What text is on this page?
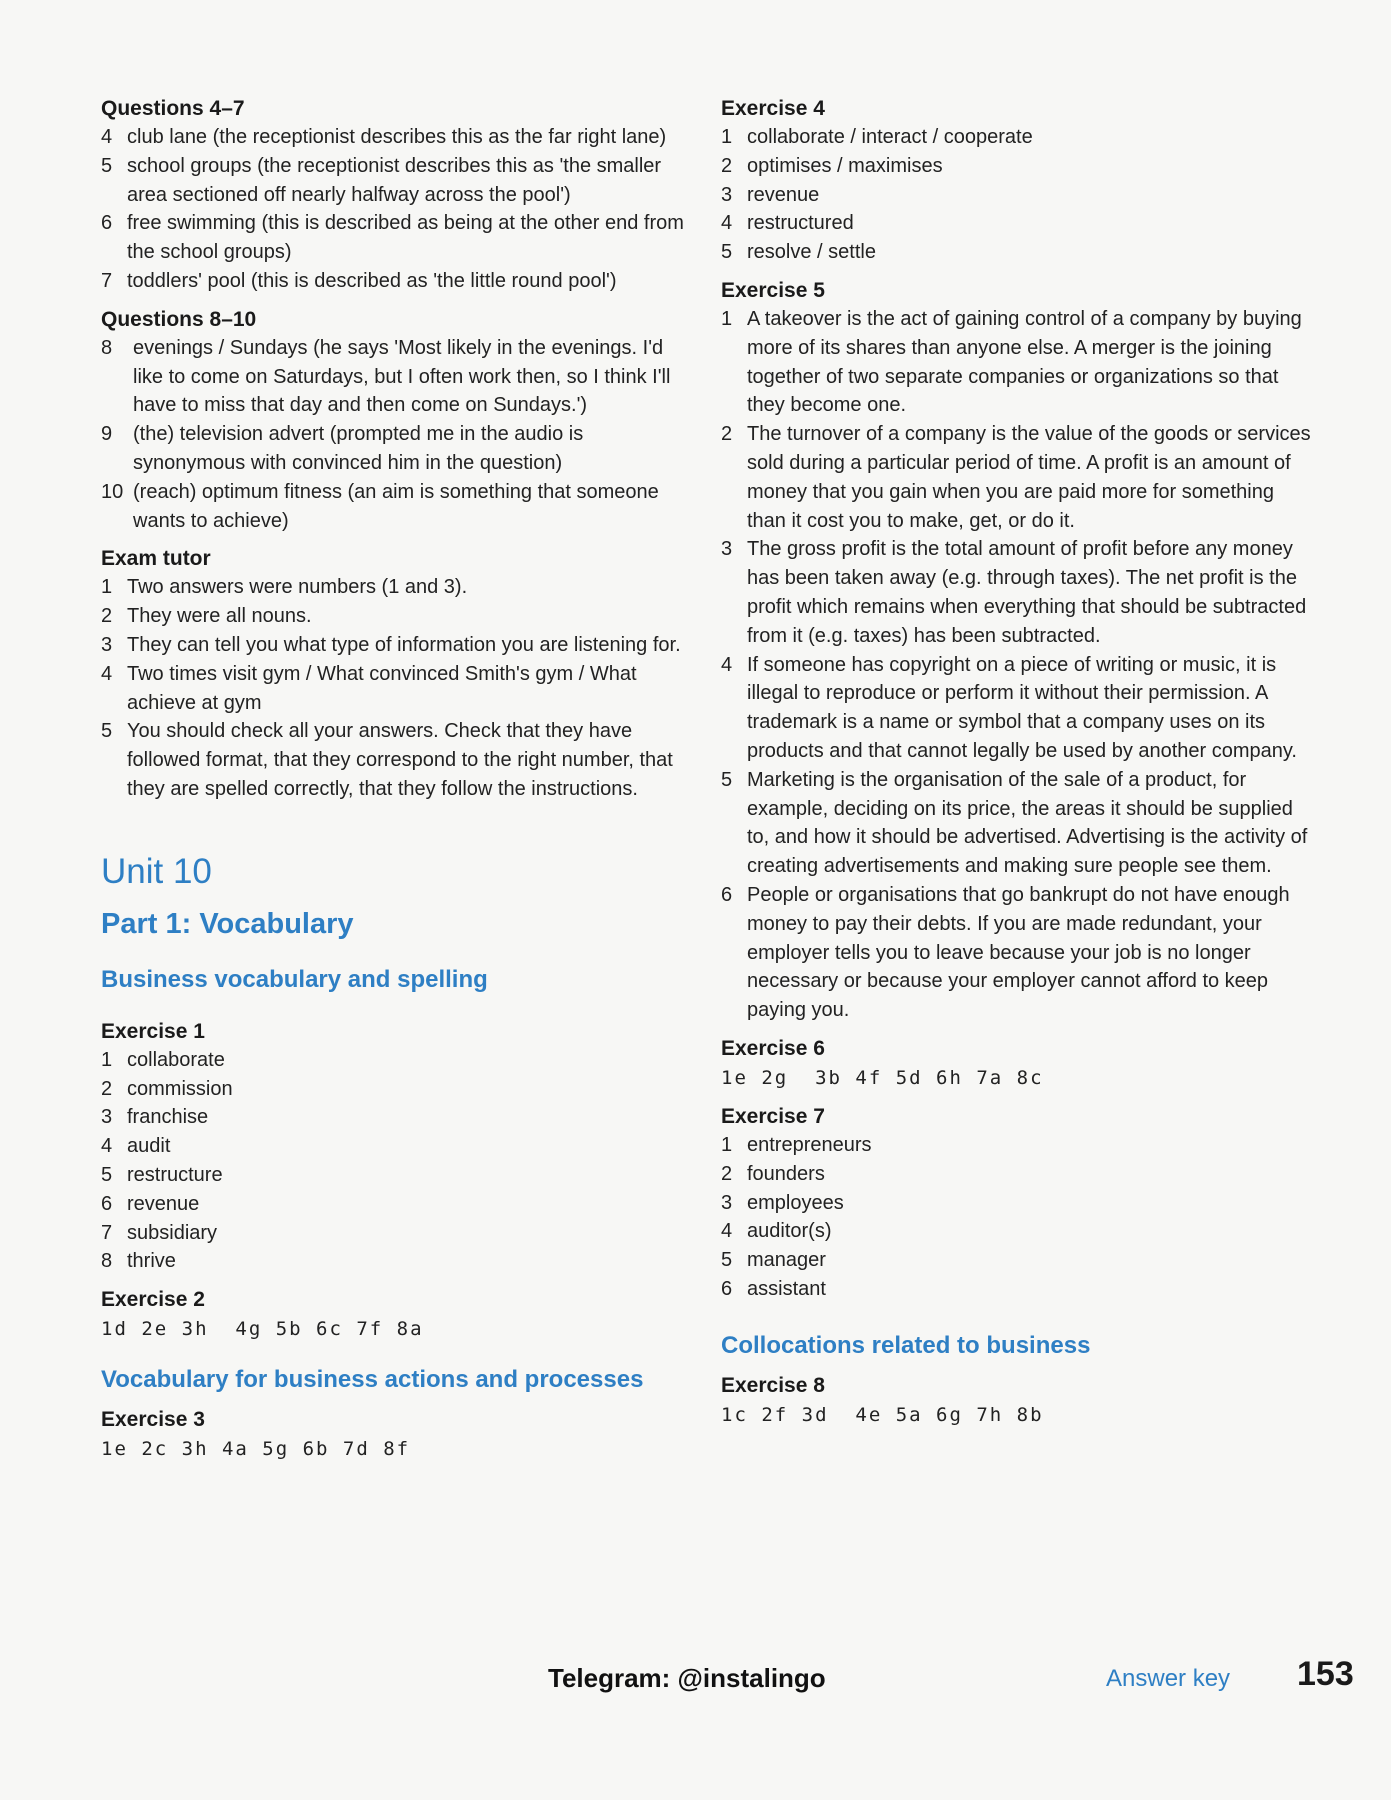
Questions 4–7
4 club lane (the receptionist describes this as the far right lane)
5 school groups (the receptionist describes this as 'the smaller area sectioned off nearly halfway across the pool')
6 free swimming (this is described as being at the other end from the school groups)
7 toddlers' pool (this is described as 'the little round pool')
Questions 8–10
8	evenings / Sundays (he says 'Most likely in the evenings. I'd like to come on Saturdays, but I often work then, so I think I'll have to miss that day and then come on Sundays.')
9	(the) television advert (prompted me in the audio is synonymous with convinced him in the question)
10 (reach) optimum fitness (an aim is something that someone wants to achieve)
Exam tutor
1 Two answers were numbers (1 and 3).
2 They were all nouns.
3 They can tell you what type of information you are listening for.
4 Two times visit gym / What convinced Smith's gym / What achieve at gym
5 You should check all your answers. Check that they have followed format, that they correspond to the right number, that they are spelled correctly, that they follow the instructions.
Unit 10
Part 1: Vocabulary
Business vocabulary and spelling
Exercise 1
1 collaborate
2 commission
3 franchise
4 audit
5 restructure
6 revenue
7 subsidiary
8 thrive
Exercise 2
1d 2e 3h  4g 5b 6c 7f 8a
Vocabulary for business actions and processes
Exercise 3
1e 2c 3h 4a 5g 6b 7d 8f
Exercise 4
1 collaborate / interact / cooperate
2 optimises / maximises
3 revenue
4 restructured
5 resolve / settle
Exercise 5
1 A takeover is the act of gaining control of a company by buying more of its shares than anyone else. A merger is the joining together of two separate companies or organizations so that they become one.
2 The turnover of a company is the value of the goods or services sold during a particular period of time. A profit is an amount of money that you gain when you are paid more for something than it cost you to make, get, or do it.
3 The gross profit is the total amount of profit before any money has been taken away (e.g. through taxes). The net profit is the profit which remains when everything that should be subtracted from it (e.g. taxes) has been subtracted.
4 If someone has copyright on a piece of writing or music, it is illegal to reproduce or perform it without their permission. A trademark is a name or symbol that a company uses on its products and that cannot legally be used by another company.
5 Marketing is the organisation of the sale of a product, for example, deciding on its price, the areas it should be supplied to, and how it should be advertised. Advertising is the activity of creating advertisements and making sure people see them.
6 People or organisations that go bankrupt do not have enough money to pay their debts. If you are made redundant, your employer tells you to leave because your job is no longer necessary or because your employer cannot afford to keep paying you.
Exercise 6
1e 2g  3b 4f 5d 6h 7a 8c
Exercise 7
1 entrepreneurs
2 founders
3 employees
4 auditor(s)
5 manager
6 assistant
Collocations related to business
Exercise 8
1c 2f 3d  4e 5a 6g 7h 8b
Telegram: @instalingo	Answer key 153
